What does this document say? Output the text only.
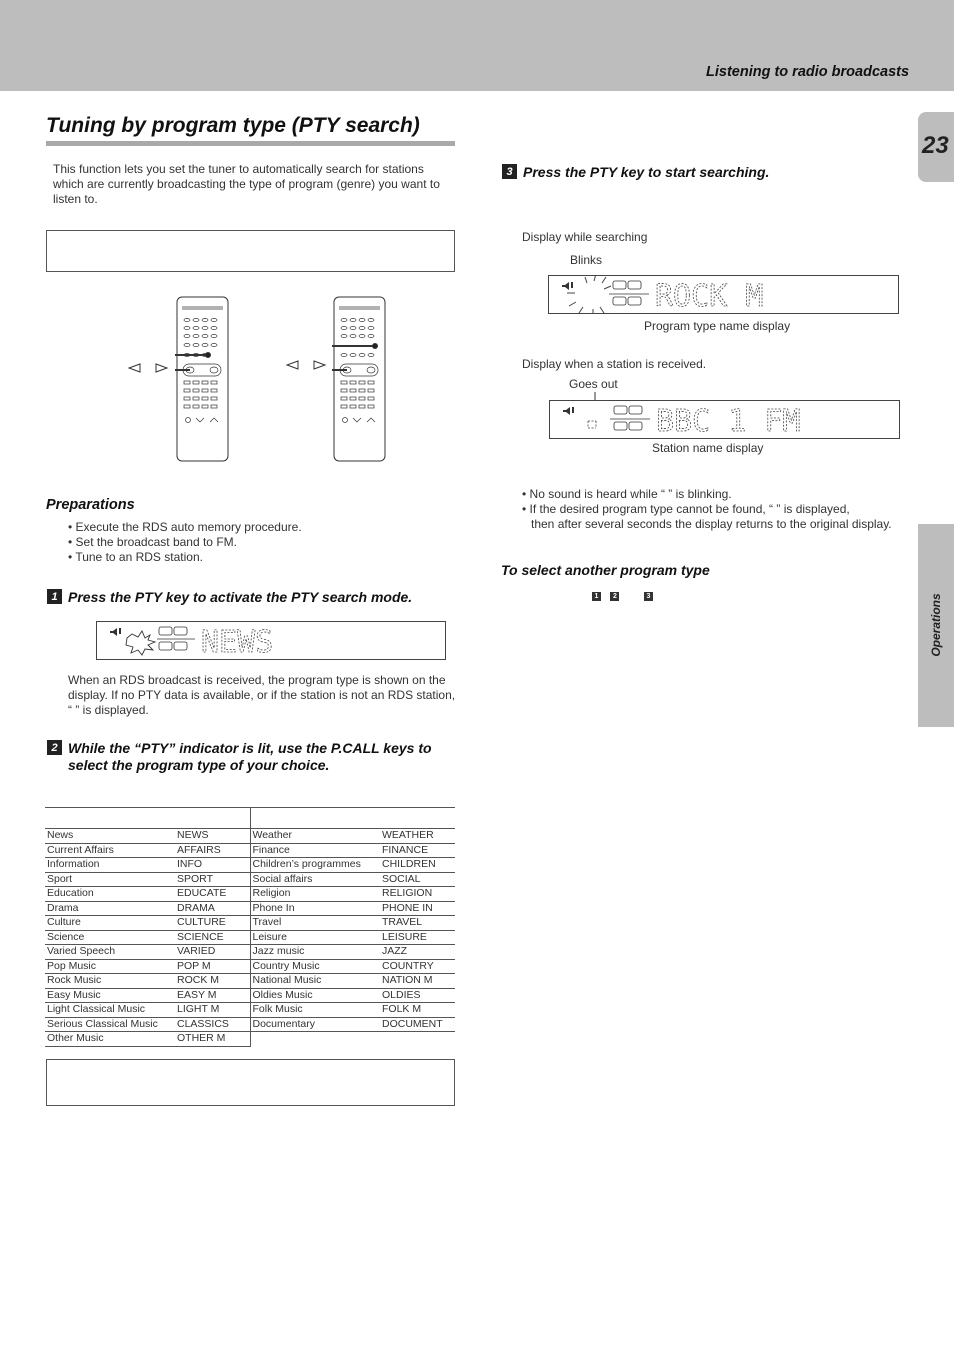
Listening to radio broadcasts
23
Operations
Tuning by program type (PTY search)
This function lets you set the tuner to automatically search for stations which are currently broadcasting the type of program (genre) you want to listen to.
Preparations
• Execute the RDS auto memory procedure.
• Set the broadcast band to FM.
• Tune to an RDS station.
1 Press the PTY key to activate the PTY search mode.
NEWS
When an RDS broadcast is received, the program type is shown on the
display. If no PTY data is available, or if the station is not an RDS station,
“ ” is displayed.
2 While the “PTY” indicator is lit, use the P.CALL keys to
select the program type of your choice.

News	NEWS	Weather	WEATHER
Current Affairs	AFFAIRS	Finance	FINANCE
Information	INFO	Children’s programmes	CHILDREN
Sport	SPORT	Social affairs	SOCIAL
Education	EDUCATE	Religion	RELIGION
Drama	DRAMA	Phone In	PHONE IN
Culture	CULTURE	Travel	TRAVEL
Science	SCIENCE	Leisure	LEISURE
Varied Speech	VARIED	Jazz music	JAZZ
Pop Music	POP M	Country Music	COUNTRY
Rock Music	ROCK M	National Music	NATION M
Easy Music	EASY M	Oldies Music	OLDIES
Light Classical Music	LIGHT M	Folk Music	FOLK M
Serious Classical Music	CLASSICS	Documentary	DOCUMENT
Other Music	OTHER M		
3 Press the PTY key to start searching.
Display while searching
Blinks
ROCK M
Program type name display
Display when a station is received.
Goes out
BBC 1 FM
Station name display
• No sound is heard while “ ” is blinking.
• If the desired program type cannot be found, “ ” is displayed,
then after several seconds the display returns to the original display.
To select another program type
1 2	3
